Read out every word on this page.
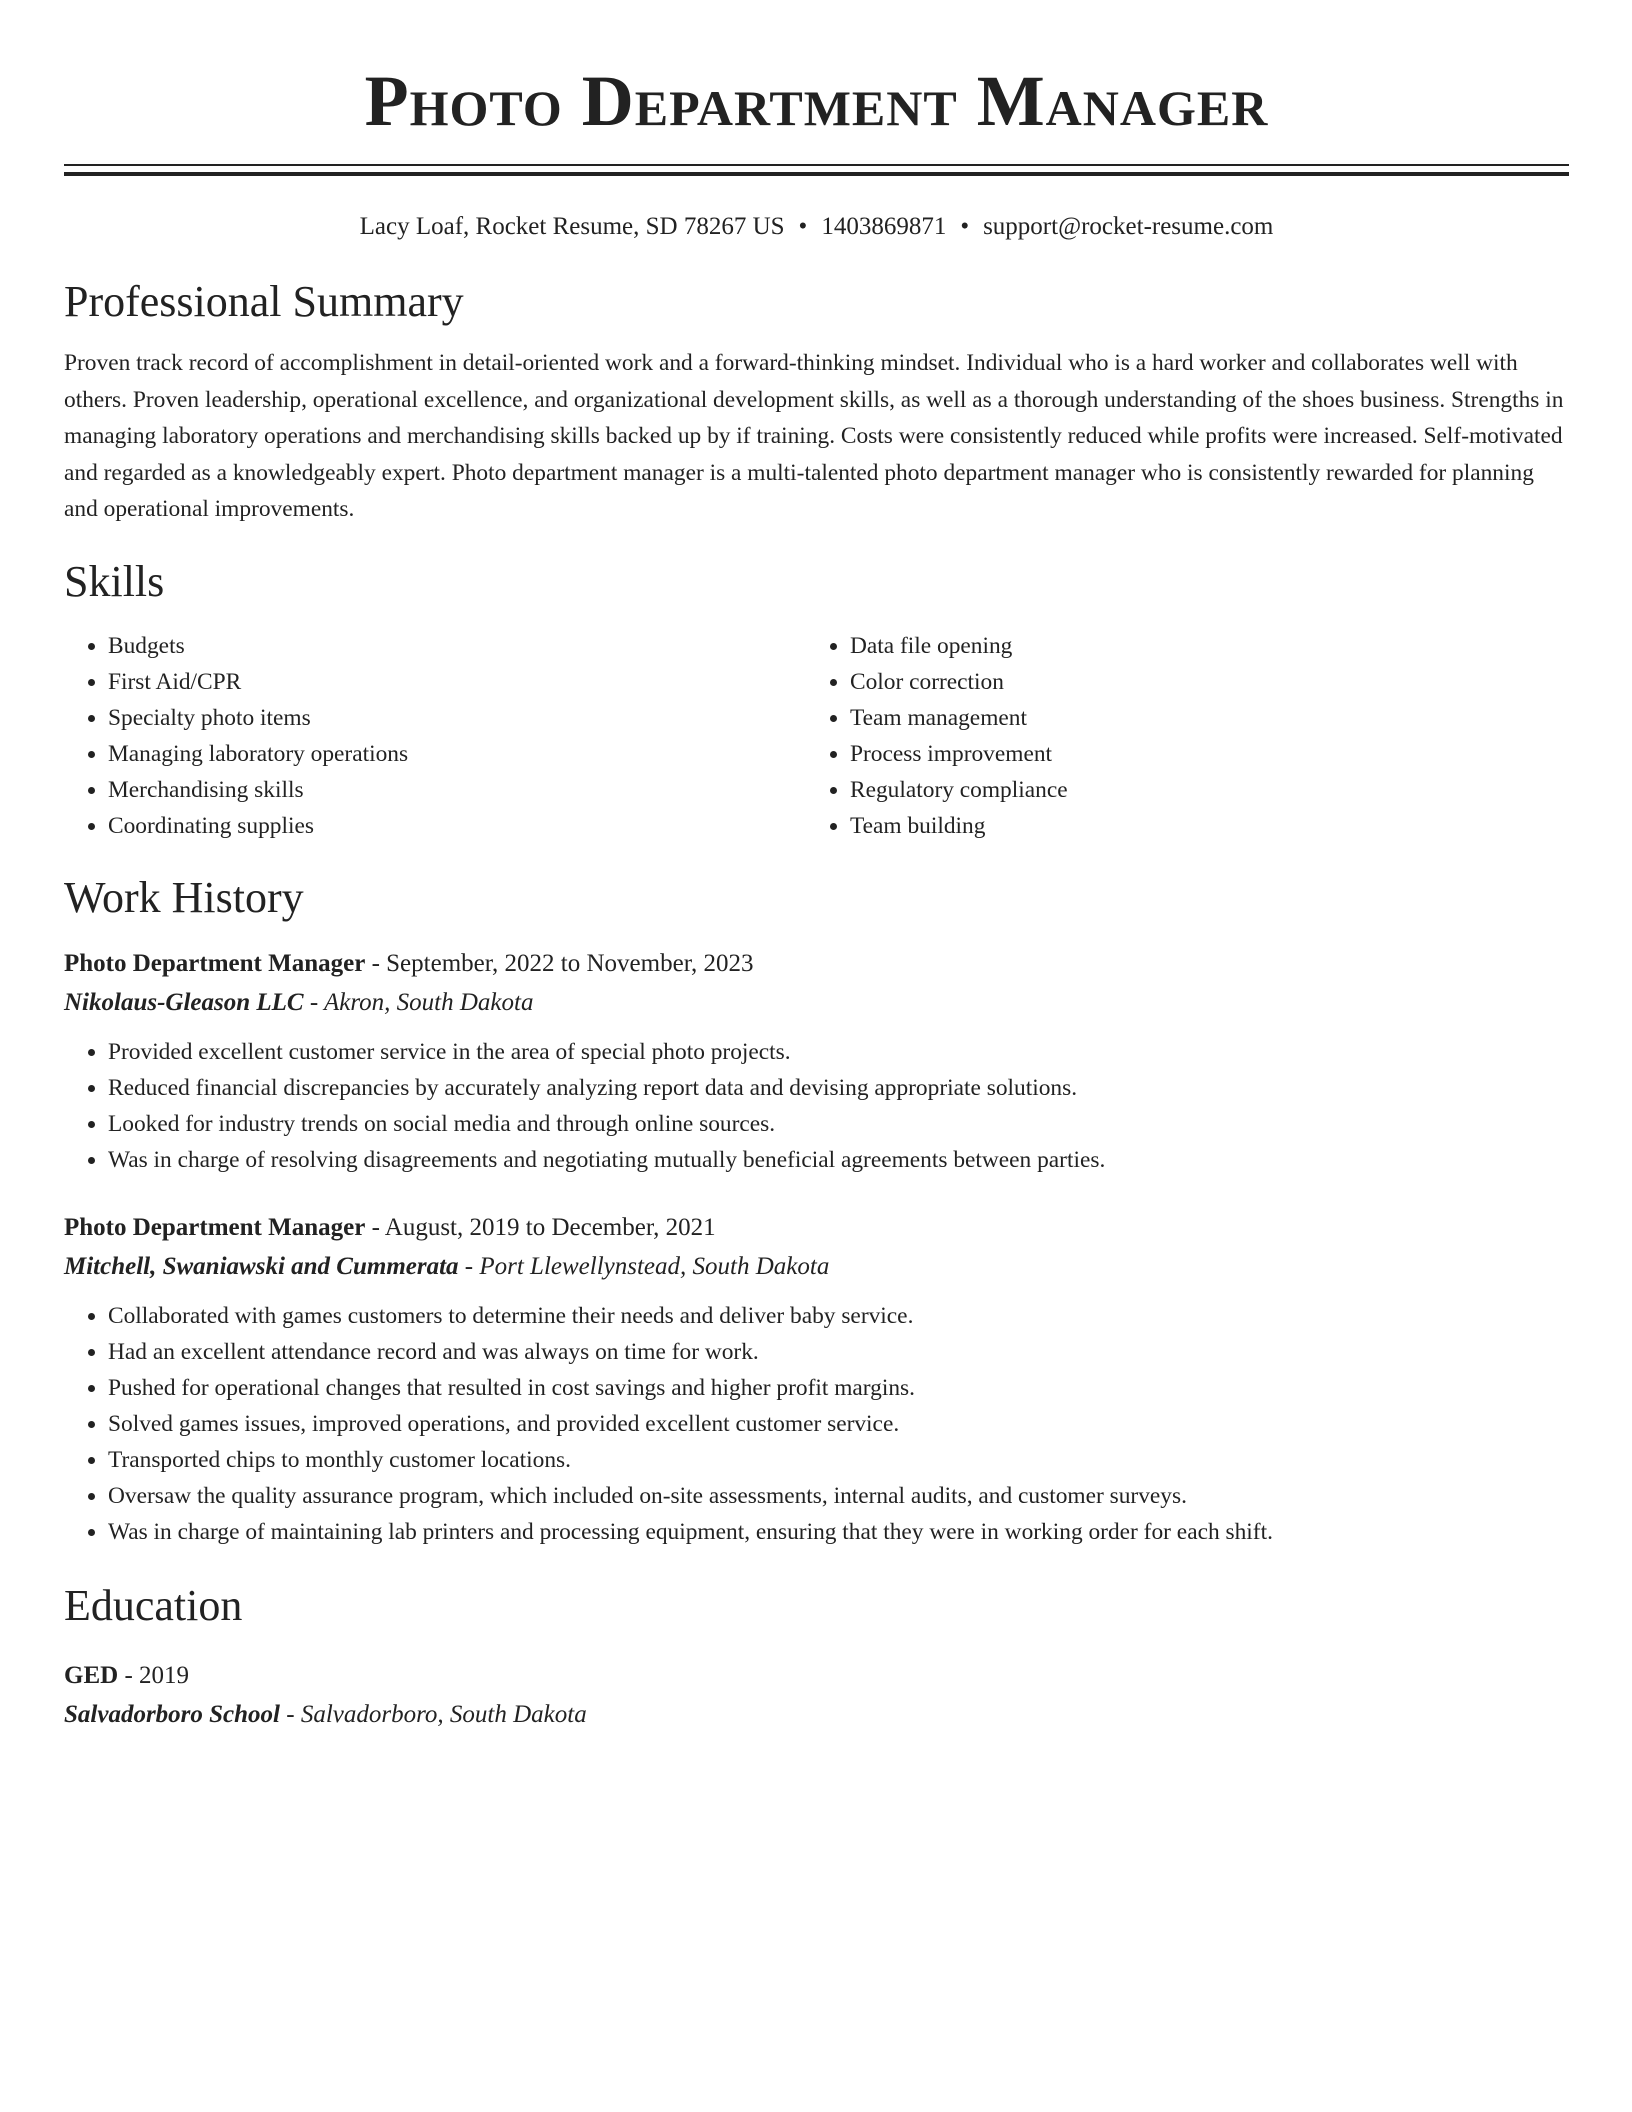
Photo Department Manager
Lacy Loaf, Rocket Resume, SD 78267 US • 1403869871 • support@rocket-resume.com
Professional Summary
Proven track record of accomplishment in detail-oriented work and a forward-thinking mindset. Individual who is a hard worker and collaborates well with others. Proven leadership, operational excellence, and organizational development skills, as well as a thorough understanding of the shoes business. Strengths in managing laboratory operations and merchandising skills backed up by if training. Costs were consistently reduced while profits were increased. Self-motivated and regarded as a knowledgeably expert. Photo department manager is a multi-talented photo department manager who is consistently rewarded for planning and operational improvements.
Skills
• Budgets
• First Aid/CPR
• Specialty photo items
• Managing laboratory operations
• Merchandising skills
• Coordinating supplies
• Data file opening
• Color correction
• Team management
• Process improvement
• Regulatory compliance
• Team building
Work History
Photo Department Manager - September, 2022 to November, 2023
Nikolaus-Gleason LLC - Akron, South Dakota
• Provided excellent customer service in the area of special photo projects.
• Reduced financial discrepancies by accurately analyzing report data and devising appropriate solutions.
• Looked for industry trends on social media and through online sources.
• Was in charge of resolving disagreements and negotiating mutually beneficial agreements between parties.
Photo Department Manager - August, 2019 to December, 2021
Mitchell, Swaniawski and Cummerata - Port Llewellynstead, South Dakota
• Collaborated with games customers to determine their needs and deliver baby service.
• Had an excellent attendance record and was always on time for work.
• Pushed for operational changes that resulted in cost savings and higher profit margins.
• Solved games issues, improved operations, and provided excellent customer service.
• Transported chips to monthly customer locations.
• Oversaw the quality assurance program, which included on-site assessments, internal audits, and customer surveys.
• Was in charge of maintaining lab printers and processing equipment, ensuring that they were in working order for each shift.
Education
GED - 2019
Salvadorboro School - Salvadorboro, South Dakota
